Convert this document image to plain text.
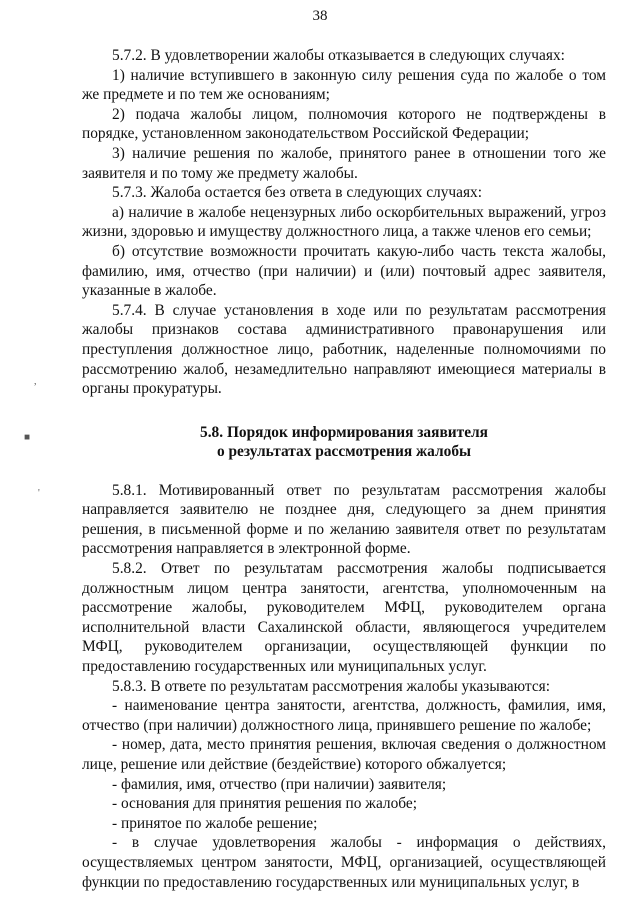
38
,
■
'

5.7.2. В удовлетворении жалобы отказывается в следующих случаях:

1) наличие вступившего в законную силу решения суда по жалобе о том же предмете и по тем же основаниям;

2) подача жалобы лицом, полномочия которого не подтверждены в порядке, установленном законодательством Российской Федерации;

3) наличие решения по жалобе, принятого ранее в отношении того же заявителя и по тому же предмету жалобы.

5.7.3. Жалоба остается без ответа в следующих случаях:

а) наличие в жалобе нецензурных либо оскорбительных выражений, угроз жизни, здоровью и имуществу должностного лица, а также членов его семьи;

б) отсутствие возможности прочитать какую-либо часть текста жалобы, фамилию, имя, отчество (при наличии) и (или) почтовый адрес заявителя, указанные в жалобе.

5.7.4. В случае установления в ходе или по результатам рассмотрения жалобы признаков состава административного правонарушения или преступления должностное лицо, работник, наделенные полномочиями по рассмотрению жалоб, незамедлительно направляют имеющиеся материалы в органы прокуратуры.

5.8. Порядок информирования заявителя
о результатах рассмотрения жалобы

5.8.1. Мотивированный ответ по результатам рассмотрения жалобы направляется заявителю не позднее дня, следующего за днем принятия решения, в письменной форме и по желанию заявителя ответ по результатам рассмотрения направляется в электронной форме.

5.8.2. Ответ по результатам рассмотрения жалобы подписывается должностным лицом центра занятости, агентства, уполномоченным на рассмотрение жалобы, руководителем МФЦ, руководителем органа исполнительной власти Сахалинской области, являющегося учредителем МФЦ, руководителем организации, осуществляющей функции по предоставлению государственных или муниципальных услуг.

5.8.3. В ответе по результатам рассмотрения жалобы указываются:

- наименование центра занятости, агентства, должность, фамилия, имя, отчество (при наличии) должностного лица, принявшего решение по жалобе;

- номер, дата, место принятия решения, включая сведения о должностном лице, решение или действие (бездействие) которого обжалуется;

- фамилия, имя, отчество (при наличии) заявителя;

- основания для принятия решения по жалобе;

- принятое по жалобе решение;

- в случае удовлетворения жалобы - информация о действиях, осуществляемых центром занятости, МФЦ, организацией, осуществляющей функции по предоставлению государственных или муниципальных услуг, в
